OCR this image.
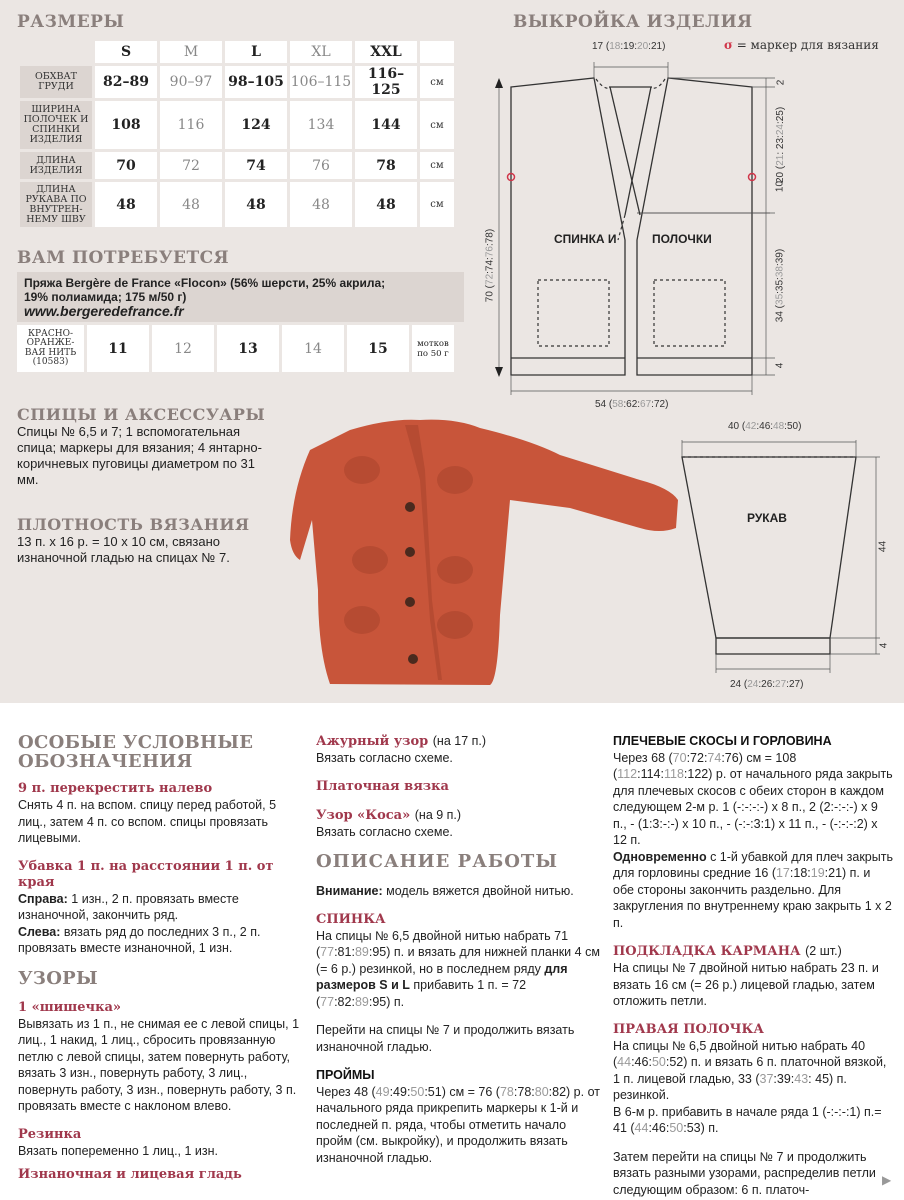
РАЗМЕРЫ
	S	M	L	XL	XXL	
ОБХВАТ ГРУДИ	82–89	90–97	98–105	106–115	116–125	см
ШИРИНА ПОЛОЧЕК И СПИНКИ ИЗДЕЛИЯ	108	116	124	134	144	см
ДЛИНА ИЗДЕЛИЯ	70	72	74	76	78	см
ДЛИНА РУКАВА ПО ВНУТРЕН-НЕМУ ШВУ	48	48	48	48	48	см
ВАМ ПОТРЕБУЕТСЯ
Пряжа Bergère de France «Flocon» (56% шерсти, 25% акрила;
19% полиамида; 175 м/50 г)
www.bergeredefrance.fr
КРАСНО-ОРАНЖЕ-ВАЯ НИТЬ
(10583)
	11	12	13	14	15	мотков по 50 г
СПИЦЫ И АКСЕССУАРЫ
Спицы № 6,5 и 7; 1 вспомогательная спица; маркеры для вязания; 4 янтарно-коричневых пуговицы диаметром по 31 мм.
ПЛОТНОСТЬ ВЯЗАНИЯ
13 п. х 16 р. = 10 х 10 см, связано изнаночной гладью на спицах № 7.
ВЫКРОЙКА ИЗДЕЛИЯ
σ = маркер для вязания
17 (18:19:20:21)
70 (72:74:76:78)
2
20 (21: 23:24:25
10
34 (35:35:38:39)
4
54 (58:62:67:72)
СПИНКА И	ПОЛОЧКИ
40 (42:46:48:50)
РУКАВ
44
4
24 (24:26:27:27)
ОСОБЫЕ УСЛОВНЫЕ ОБОЗНАЧЕНИЯ
9 п. перекрестить налево
Снять 4 п. на вспом. спицу перед работой, 5 лиц., затем 4 п. со вспом. спицы провязать лицевыми.
Убавка 1 п. на расстоянии 1 п. от края
Справа: 1 изн., 2 п. провязать вместе изнаночной, закончить ряд.
Слева: вязать ряд до последних 3 п., 2 п. провязать вместе изнаночной, 1 изн.
УЗОРЫ
1 «шишечка»
Вывязать из 1 п., не снимая ее с левой спицы, 1 лиц., 1 накид, 1 лиц., сбросить провязанную петлю с левой спицы, затем повернуть работу, вязать 3 изн., повернуть работу, 3 лиц., повернуть работу, 3 изн., повернуть работу, 3 п. провязать вместе с наклоном влево.
Резинка
Вязать попеременно 1 лиц., 1 изн.
Изнаночная и лицевая гладь
Ажурный узор (на 17 п.)
Вязать согласно схеме.
Платочная вязка
Узор «Коса» (на 9 п.)
Вязать согласно схеме.
ОПИСАНИЕ РАБОТЫ
Внимание: модель вяжется двойной нитью.
СПИНКА
На спицы № 6,5 двойной нитью набрать 71 (77:81:89:95) п. и вязать для нижней планки 4 см (= 6 р.) резинкой, но в последнем ряду для размеров S и L прибавить 1 п. = 72 (77:82:89:95) п.
Перейти на спицы № 7 и продолжить вязать изнаночной гладью.
ПРОЙМЫ
Через 48 (49:49:50:51) см = 76 (78:78:80:82) р. от начального ряда прикрепить маркеры к 1-й и последней п. ряда, чтобы отметить начало пройм (см. выкройку), и продолжить вязать изнаночной гладью.
ПЛЕЧЕВЫЕ СКОСЫ И ГОРЛОВИНА
Через 68 (70:72:74:76) см = 108 (112:114:118:122) р. от начального ряда закрыть для плечевых скосов с обеих сторон в каждом следующем 2-м р. 1 (-:-:-:-) х 8 п., 2 (2:-:-:-) х 9 п., - (1:3:-:-) х 10 п., - (-:-:3:1) х 11 п., - (-:-:-:2) х 12 п.
Одновременно с 1-й убавкой для плеч закрыть для горловины средние 16 (17:18:19:21) п. и обе стороны закончить раздельно. Для закругления по внутреннему краю закрыть 1 х 2 п.
ПОДКЛАДКА КАРМАНА (2 шт.)
На спицы № 7 двойной нитью набрать 23 п. и вязать 16 см (= 26 р.) лицевой гладью, затем отложить петли.
ПРАВАЯ ПОЛОЧКА
На спицы № 6,5 двойной нитью набрать 40 (44:46:50:52) п. и вязать 6 п. платочной вязкой, 1 п. лицевой гладью, 33 (37:39:43: 45) п. резинкой.
В 6-м р. прибавить в начале ряда 1 (-:-:-:1) п.= 41 (44:46:50:53) п.
Затем перейти на спицы № 7 и продолжить вязать разными узорами, распределив петли следующим образом: 6 п. платоч-
▶
